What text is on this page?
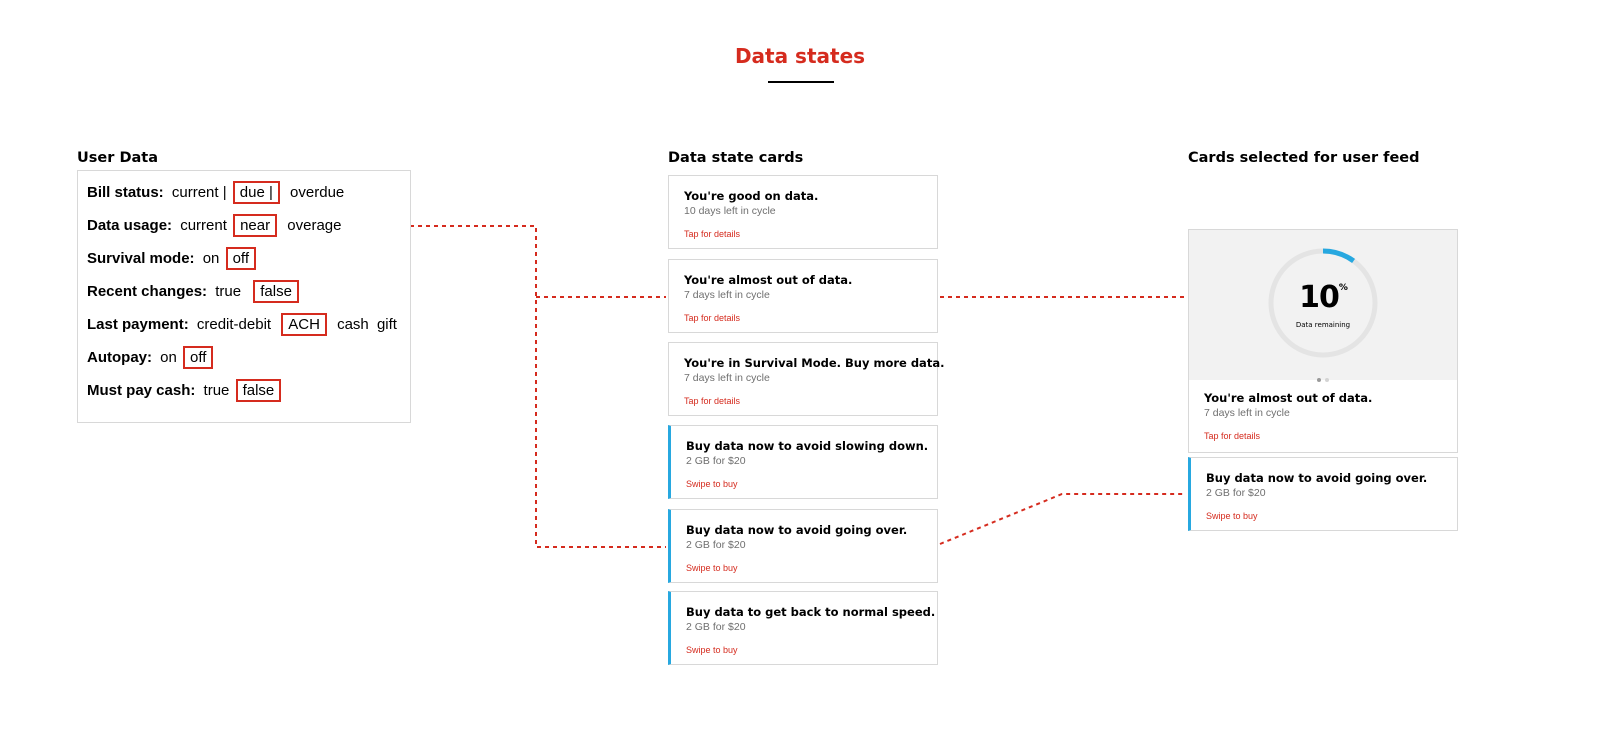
Data states
User Data	Data state cards	Cards selected for user feed
Bill status: current | due | overdue
Data usage: current near overage
Survival mode: on off
Recent changes: true false
Last payment: credit-debit ACH cash gift
Autopay: on off
Must pay cash: true false
You're good on data.
10 days left in cycle
Tap for details
You're almost out of data.
7 days left in cycle
Tap for details
You're in Survival Mode. Buy more data.
7 days left in cycle
Tap for details
Buy data now to avoid slowing down.
2 GB for $20
Swipe to buy
Buy data now to avoid going over.
2 GB for $20
Swipe to buy
Buy data to get back to normal speed.
2 GB for $20
Swipe to buy
10%
Data remaining
You're almost out of data.
7 days left in cycle
Tap for details
Buy data now to avoid going over.
2 GB for $20
Swipe to buy
